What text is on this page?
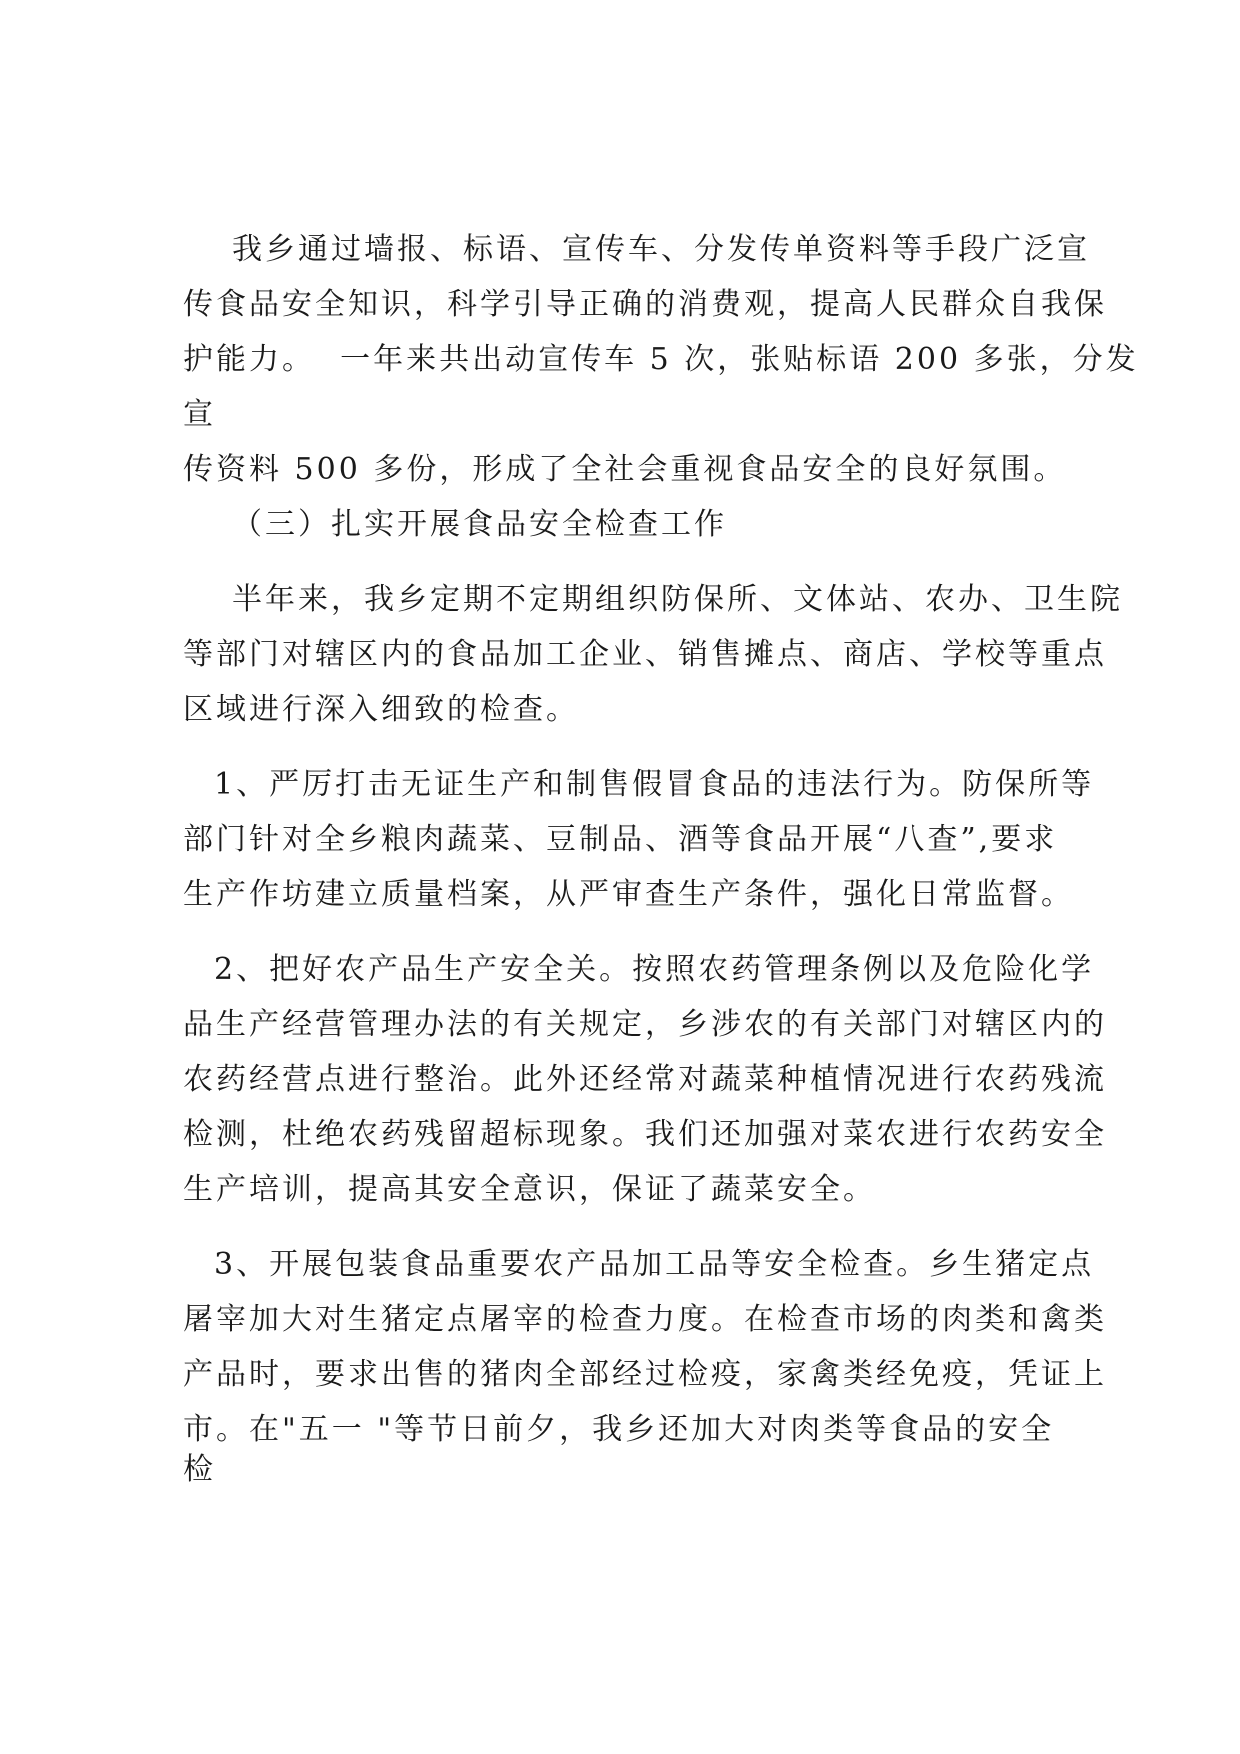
我乡通过墙报、标语、宣传车、分发传单资料等手段广泛宣

传食品安全知识，科学引导正确的消费观，提高人民群众自我保

护能力。  一年来共出动宣传车 5 次，张贴标语 200 多张，分发

宣

传资料 500 多份，形成了全社会重视食品安全的良好氛围。

（三）扎实开展食品安全检查工作

半年来，我乡定期不定期组织防保所、文体站、农办、卫生院

等部门对辖区内的食品加工企业、销售摊点、商店、学校等重点

区域进行深入细致的检查。

1、严厉打击无证生产和制售假冒食品的违法行为。防保所等

部门针对全乡粮肉蔬菜、豆制品、酒等食品开展“八查”,要求

生产作坊建立质量档案，从严审查生产条件，强化日常监督。

2、把好农产品生产安全关。按照农药管理条例以及危险化学

品生产经营管理办法的有关规定，乡涉农的有关部门对辖区内的

农药经营点进行整治。此外还经常对蔬菜种植情况进行农药残流

检测，杜绝农药残留超标现象。我们还加强对菜农进行农药安全

生产培训，提高其安全意识，保证了蔬菜安全。

3、开展包装食品重要农产品加工品等安全检查。乡生猪定点

屠宰加大对生猪定点屠宰的检查力度。在检查市场的肉类和禽类

产品时，要求出售的猪肉全部经过检疫，家禽类经免疫，凭证上

市。在"五一 "等节日前夕，我乡还加大对肉类等食品的安全

检
